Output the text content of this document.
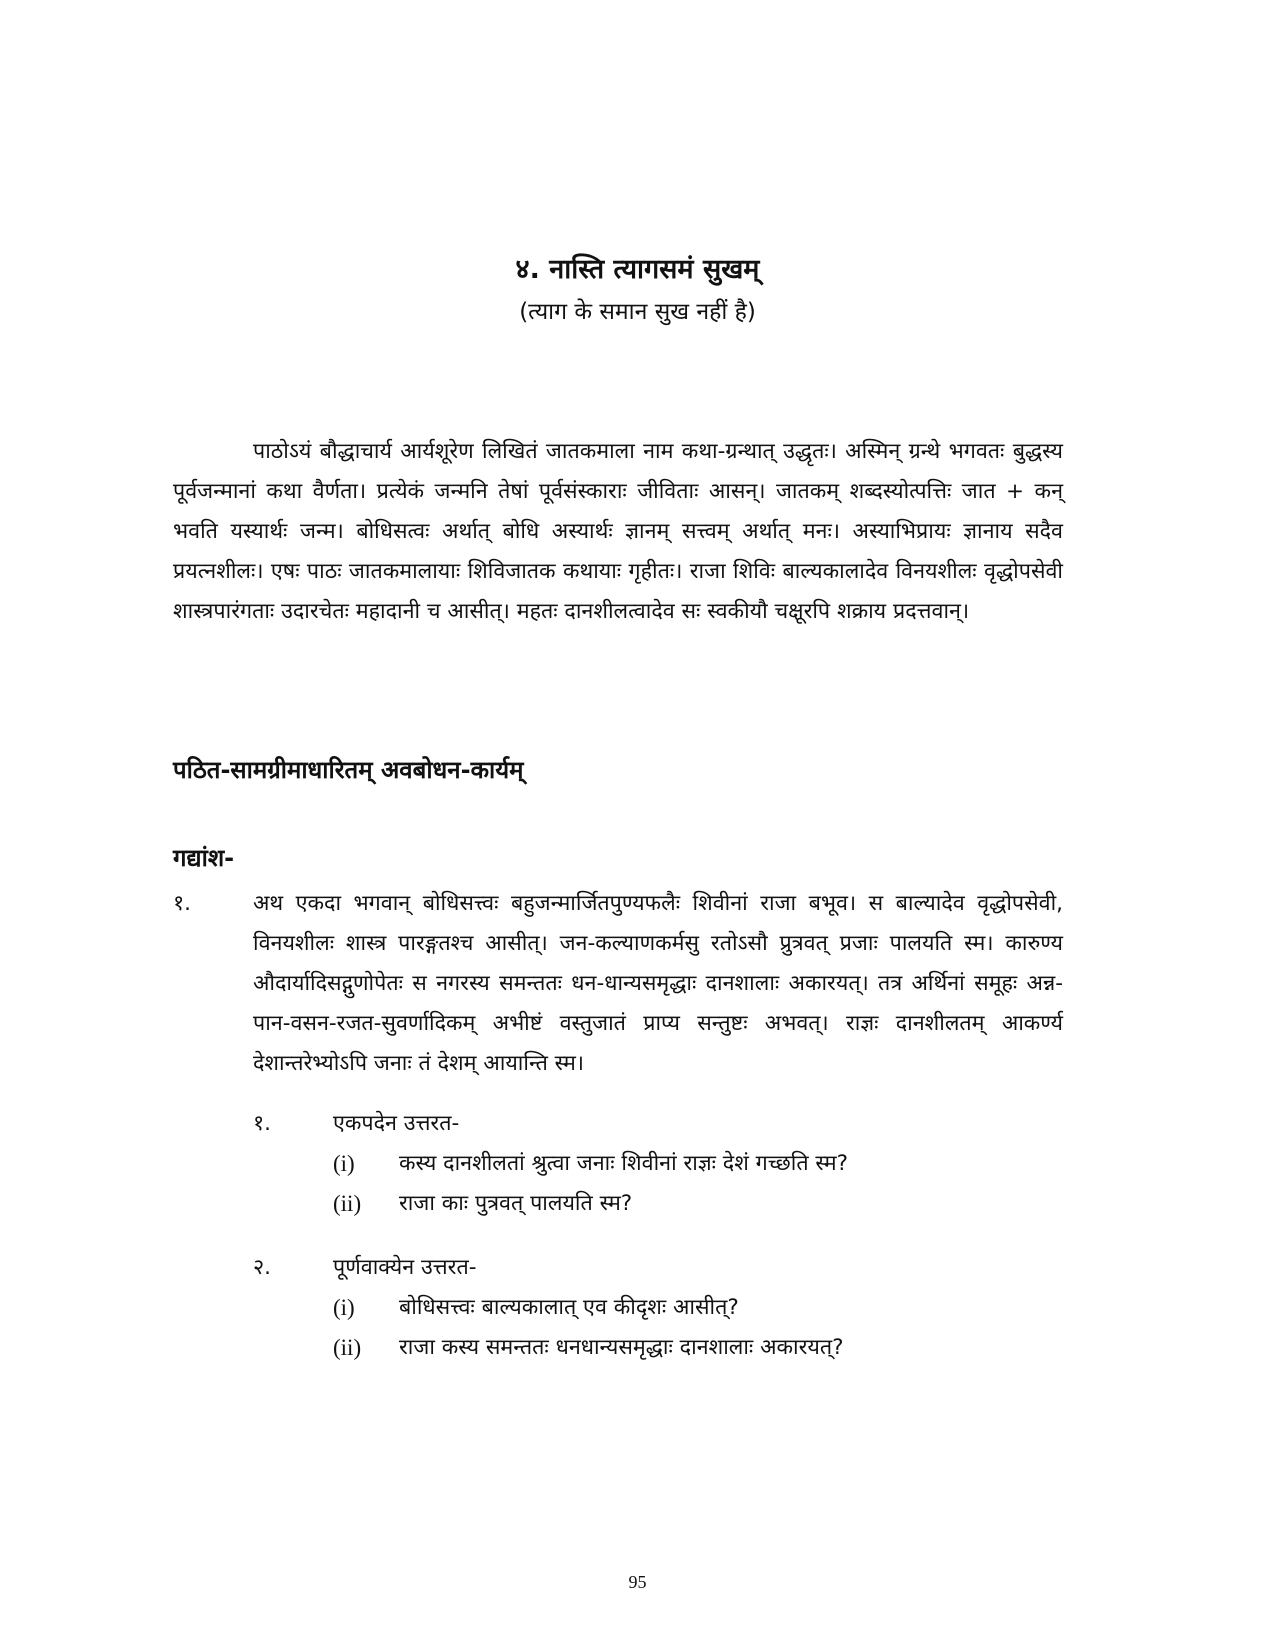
४. नास्ति त्यागसमं सुखम्
(त्याग के समान सुख नहीं है)

पाठोऽयं बौद्धाचार्य आर्यशूरेण लिखितं जातकमाला नाम कथा-ग्रन्थात् उद्धृतः। अस्मिन् ग्रन्थे भगवतः बुद्धस्य पूर्वजन्मानां कथा वैर्णता। प्रत्येकं जन्मनि तेषां पूर्वसंस्काराः जीविताः आसन्। जातकम् शब्दस्योत्पत्तिः जात + कन् भवति यस्यार्थः जन्म। बोधिसत्वः अर्थात् बोधि अस्यार्थः ज्ञानम् सत्त्वम् अर्थात् मनः। अस्याभिप्रायः ज्ञानाय सदैव प्रयत्नशीलः। एषः पाठः जातकमालायाः शिविजातक कथायाः गृहीतः। राजा शिविः बाल्यकालादेव विनयशीलः वृद्धोपसेवी शास्त्रपारंगताः उदारचेतः महादानी च आसीत्। महतः दानशीलत्वादेव सः स्वकीयौ चक्षूरपि शक्राय प्रदत्तवान्।

पठित-सामग्रीमाधारितम् अवबोधन-कार्यम्
गद्यांश-
१.	अथ एकदा भगवान् बोधिसत्त्वः बहुजन्मार्जितपुण्यफलैः शिवीनां राजा बभूव। स बाल्यादेव वृद्धोपसेवी, विनयशीलः शास्त्र पारङ्गतश्च आसीत्। जन-कल्याणकर्मसु रतोऽसौ प्रुत्रवत् प्रजाः पालयति स्म। कारुण्य औदार्यादिसद्गुणोपेतः स नगरस्य समन्ततः धन-धान्यसमृद्धाः दानशालाः अकारयत्। तत्र अर्थिनां समूहः अन्न-पान-वसन-रजत-सुवर्णादिकम् अभीष्टं वस्तुजातं प्राप्य सन्तुष्टः अभवत्। राज्ञः दानशीलतम् आकर्ण्य देशान्तरेभ्योऽपि जनाः तं देशम् आयान्ति स्म।

१.	एकपदेन उत्तरत-
(i)	कस्य दानशीलतां श्रुत्वा जनाः शिवीनां राज्ञः देशं गच्छति स्म?
(ii)	राजा काः पुत्रवत् पालयति स्म?
२.	पूर्णवाक्येन उत्तरत-
(i)	बोधिसत्त्वः बाल्यकालात् एव कीदृशः आसीत्?
(ii)	राजा कस्य समन्ततः धनधान्यसमृद्धाः दानशालाः अकारयत्?
95
